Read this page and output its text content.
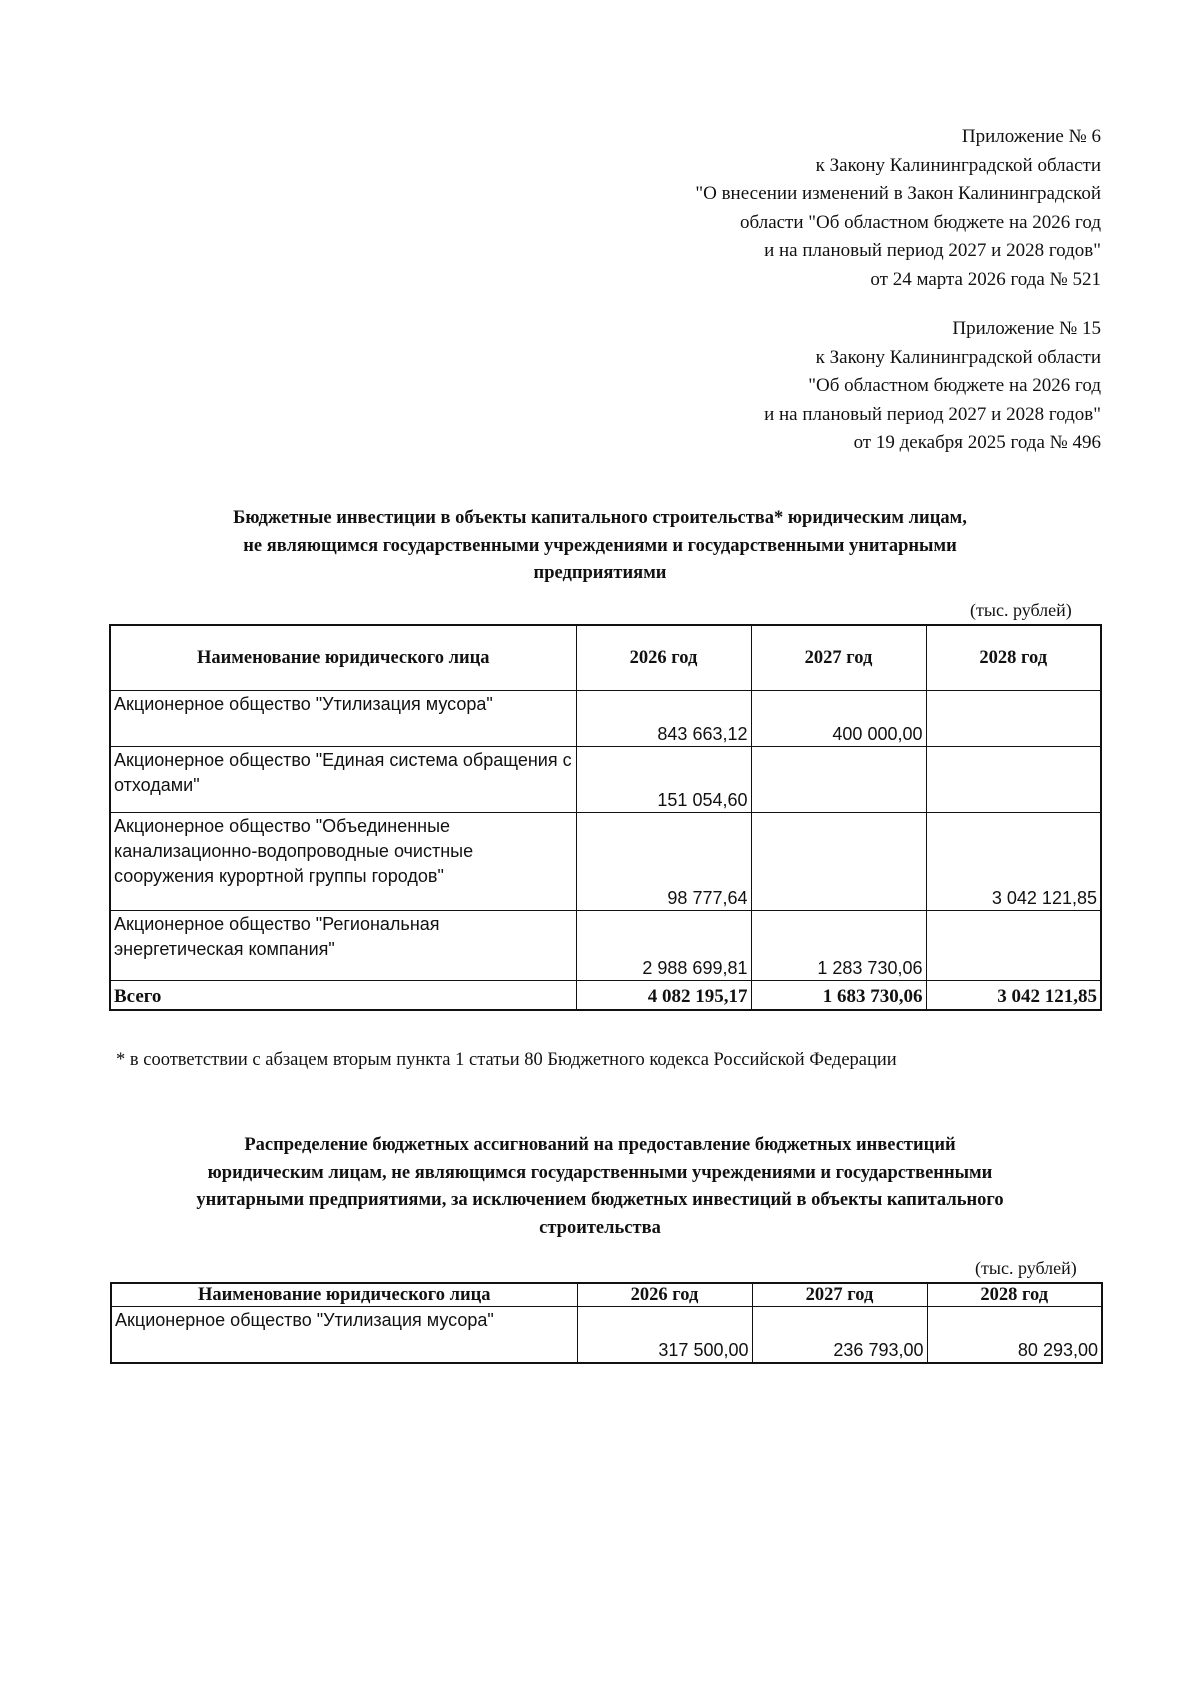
Приложение № 6
к Закону Калининградской области
"О внесении изменений в Закон Калининградской
области "Об областном бюджете на 2026 год
и на плановый период 2027 и 2028 годов"
от 24 марта 2026 года № 521
Приложение № 15
к Закону Калининградской области
"Об областном бюджете на 2026 год
и на плановый период 2027 и 2028 годов"
от 19 декабря 2025 года № 496
Бюджетные инвестиции в объекты капитального строительства* юридическим лицам,
не являющимся государственными учреждениями и государственными унитарными
предприятиями
(тыс. рублей)
Наименование юридического лица	2026 год	2027 год	2028 год
Акционерное общество "Утилизация мусора"	843 663,12	400 000,00	
Акционерное общество "Единая система обращения с отходами"	151 054,60		
Акционерное общество "Объединенные канализационно-водопроводные очистные сооружения курортной группы городов"	98 777,64		3 042 121,85
Акционерное общество "Региональная энергетическая компания"	2 988 699,81	1 283 730,06	
Всего	4 082 195,17	1 683 730,06	3 042 121,85
* в соответствии с абзацем вторым пункта 1 статьи 80 Бюджетного кодекса Российской Федерации
Распределение бюджетных ассигнований на предоставление бюджетных инвестиций
юридическим лицам, не являющимся государственными учреждениями и государственными
унитарными предприятиями, за исключением бюджетных инвестиций в объекты капитального
строительства
(тыс. рублей)
Наименование юридического лица	2026 год	2027 год	2028 год
Акционерное общество "Утилизация мусора"	317 500,00	236 793,00	80 293,00
